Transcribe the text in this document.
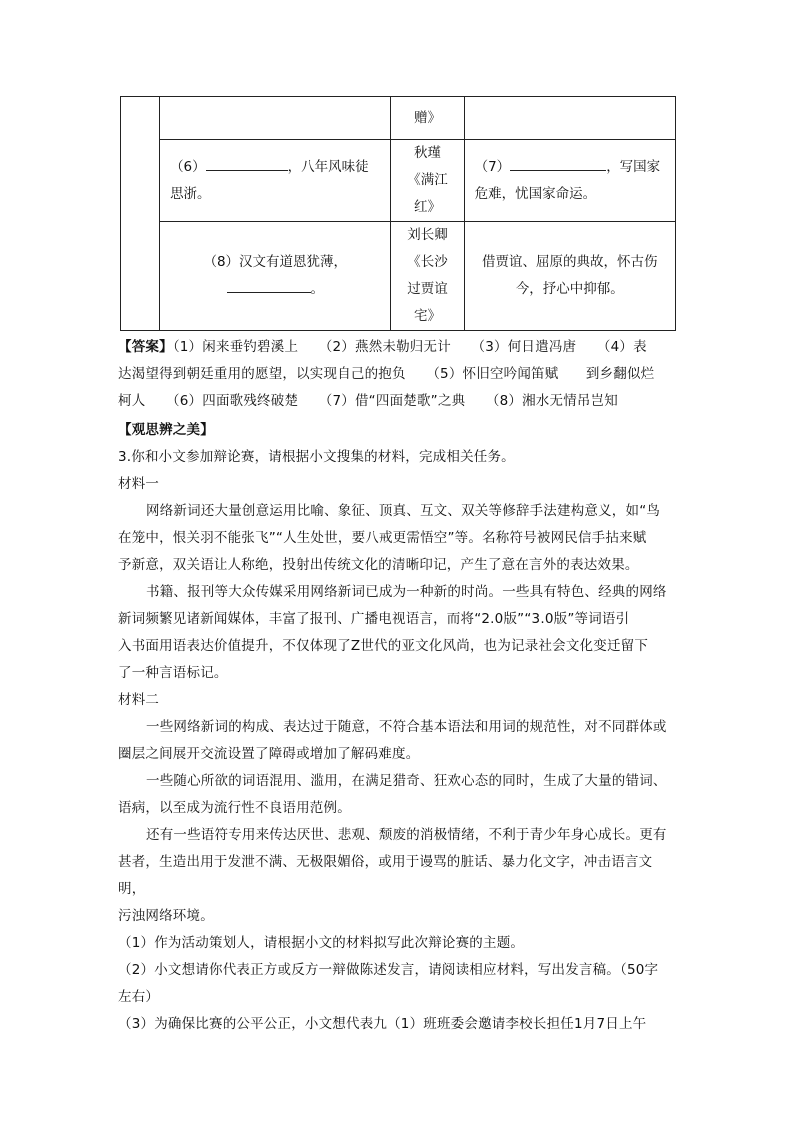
		赠》	
	（6） ，八年风味徒思浙。	秋瑾《满江红》	（7） ，写国家危难，忧国家命运。

	（8）汉文有道恩犹薄，
。	刘长卿《长沙过贾谊宅》	借贾谊、屈原的典故，怀古伤今，抒心中抑郁。

【答案】（1）闲来垂钓碧溪上　　（2）燕然未勒归无计　　（3）何日遣冯唐　　（4）表

达渴望得到朝廷重用的愿望，以实现自己的抱负　　（5）怀旧空吟闻笛赋　　到乡翻似烂

柯人　　（6）四面歌残终破楚　　（7）借“四面楚歌”之典　　（8）湘水无情吊岂知

【观思辨之美】

3.你和小文参加辩论赛，请根据小文搜集的材料，完成相关任务。

材料一

网络新词还大量创意运用比喻、象征、顶真、互文、双关等修辞手法建构意义，如“鸟

在笼中，恨关羽不能张飞”“人生处世，要八戒更需悟空”等。名称符号被网民信手拈来赋

予新意，双关语让人称绝，投射出传统文化的清晰印记，产生了意在言外的表达效果。

书籍、报刊等大众传媒采用网络新词已成为一种新的时尚。一些具有特色、经典的网络

新词频繁见诸新闻媒体，丰富了报刊、广播电视语言，而将“2.0版”“3.0版”等词语引

入书面用语表达价值提升，不仅体现了Z世代的亚文化风尚，也为记录社会文化变迁留下

了一种言语标记。

材料二

一些网络新词的构成、表达过于随意，不符合基本语法和用词的规范性，对不同群体或

圈层之间展开交流设置了障碍或增加了解码难度。

一些随心所欲的词语混用、滥用，在满足猎奇、狂欢心态的同时，生成了大量的错词、

语病，以至成为流行性不良语用范例。

还有一些语符专用来传达厌世、悲观、颓废的消极情绪，不利于青少年身心成长。更有

甚者，生造出用于发泄不满、无极限媚俗，或用于谩骂的脏话、暴力化文字，冲击语言文明，

污浊网络环境。

（1）作为活动策划人，请根据小文的材料拟写此次辩论赛的主题。

（2）小文想请你代表正方或反方一辩做陈述发言，请阅读相应材料，写出发言稿。（50字

左右）

（3）为确保比赛的公平公正，小文想代表九（1）班班委会邀请李校长担任1月7日上午
